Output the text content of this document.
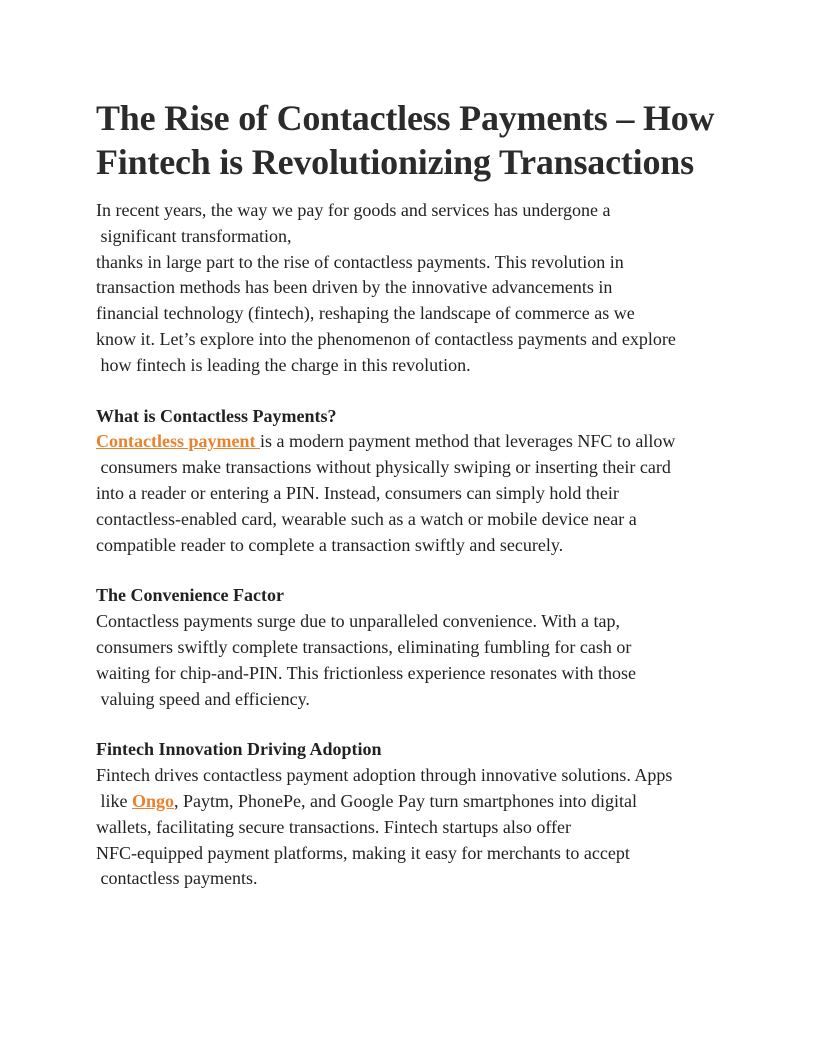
The Rise of Contactless Payments – How
Fintech is Revolutionizing Transactions
In recent years, the way we pay for goods and services has undergone a
significant transformation,
thanks in large part to the rise of contactless payments. This revolution in
transaction methods has been driven by the innovative advancements in
financial technology (fintech), reshaping the landscape of commerce as we
know it. Let’s explore into the phenomenon of contactless payments and explore
how fintech is leading the charge in this revolution.
What is Contactless Payments?
Contactless payment is a modern payment method that leverages NFC to allow
consumers make transactions without physically swiping or inserting their card
into a reader or entering a PIN. Instead, consumers can simply hold their
contactless-enabled card, wearable such as a watch or mobile device near a
compatible reader to complete a transaction swiftly and securely.
The Convenience Factor
Contactless payments surge due to unparalleled convenience. With a tap,
consumers swiftly complete transactions, eliminating fumbling for cash or
waiting for chip-and-PIN. This frictionless experience resonates with those
valuing speed and efficiency.
Fintech Innovation Driving Adoption
Fintech drives contactless payment adoption through innovative solutions. Apps
like Ongo, Paytm, PhonePe, and Google Pay turn smartphones into digital
wallets, facilitating secure transactions. Fintech startups also offer
NFC-equipped payment platforms, making it easy for merchants to accept
contactless payments.
